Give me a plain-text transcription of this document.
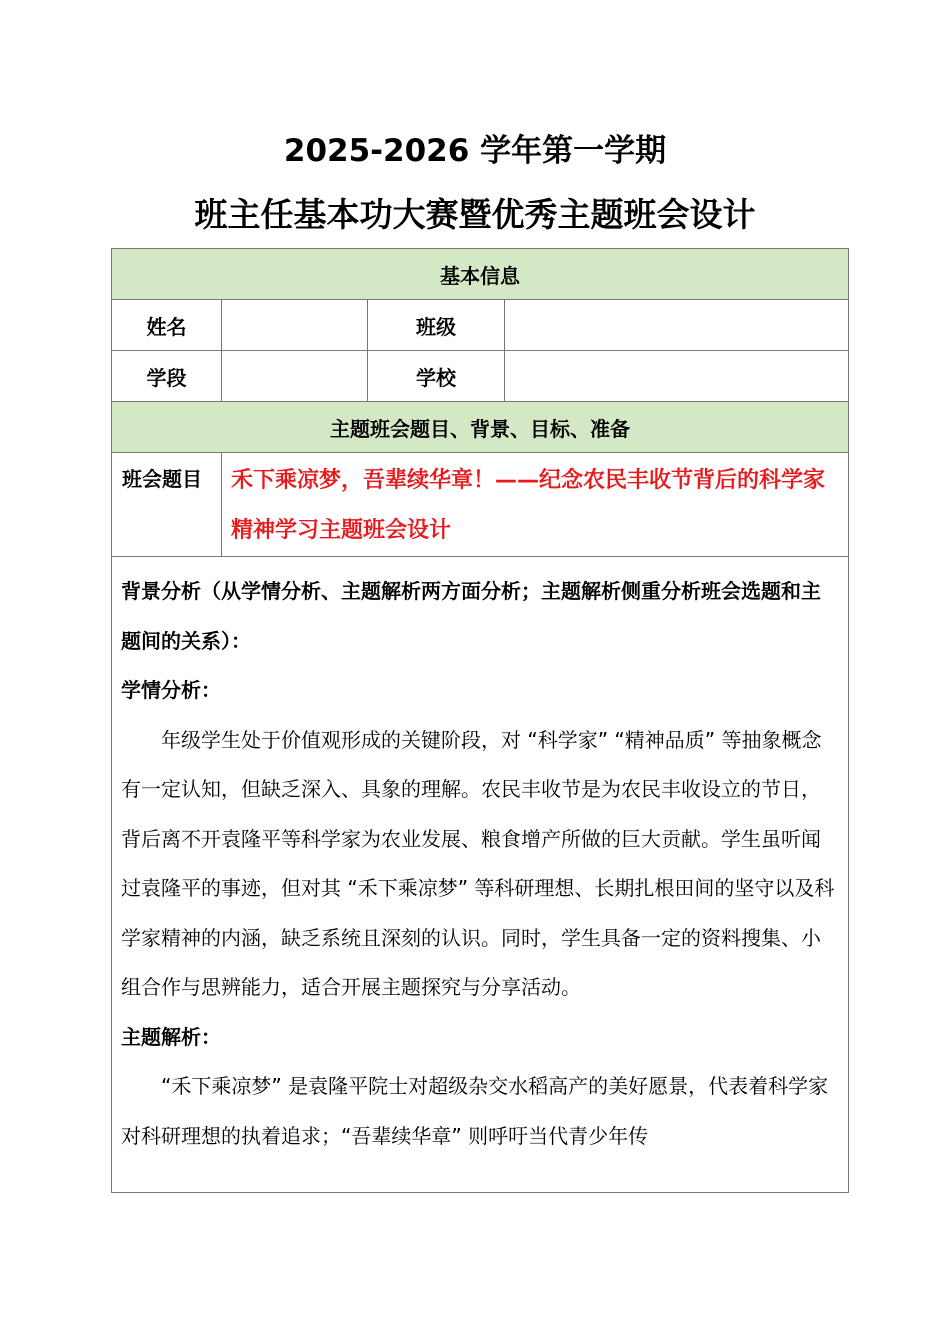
2025-2026 学年第一学期
班主任基本功大赛暨优秀主题班会设计
基本信息			
姓名		班级	
学段		学校	
主题班会题目、背景、目标、准备			
班会题目	禾下乘凉梦，吾辈续华章！——纪念农民丰收节背后的科学家精神学习主题班会设计		

背景分析（从学情分析、主题解析两方面分析；主题解析侧重分析班会选题和主题间的关系）：

学情分析：

年级学生处于价值观形成的关键阶段，对 “科学家” “精神品质” 等抽象概念有一定认知，但缺乏深入、具象的理解。农民丰收节是为农民丰收设立的节日，背后离不开袁隆平等科学家为农业发展、粮食增产所做的巨大贡献。学生虽听闻过袁隆平的事迹，但对其 “禾下乘凉梦” 等科研理想、长期扎根田间的坚守以及科学家精神的内涵，缺乏系统且深刻的认识。同时，学生具备一定的资料搜集、小组合作与思辨能力，适合开展主题探究与分享活动。

主题解析：

“禾下乘凉梦” 是袁隆平院士对超级杂交水稻高产的美好愿景，代表着科学家对科研理想的执着追求；“吾辈续华章” 则呼吁当代青少年传			
